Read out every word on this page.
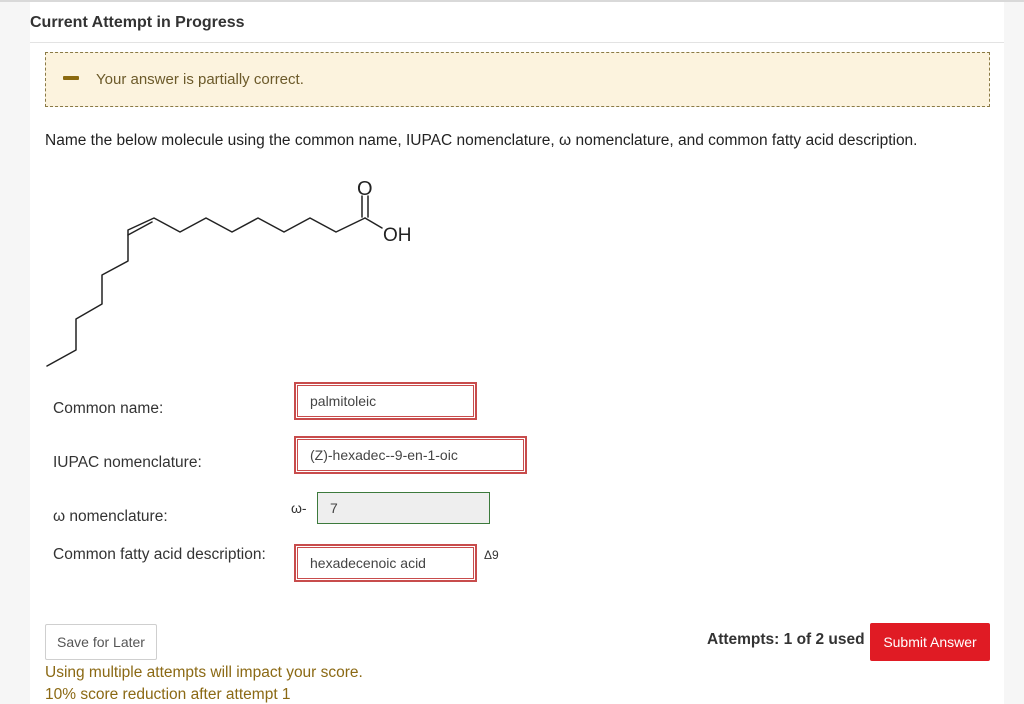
Current Attempt in Progress
Your answer is partially correct.
Name the below molecule using the common name, IUPAC nomenclature, ω nomenclature, and common fatty acid description.
O
OH
Common name:	palmitoleic
IUPAC nomenclature:	(Z)-hexadec--9-en-1-oic
ω nomenclature:	ω-	7
Common fatty acid description:	hexadecenoic acid	Δ9
Save for Later	Attempts: 1 of 2 used	Submit Answer
Using multiple attempts will impact your score.
10% score reduction after attempt 1
